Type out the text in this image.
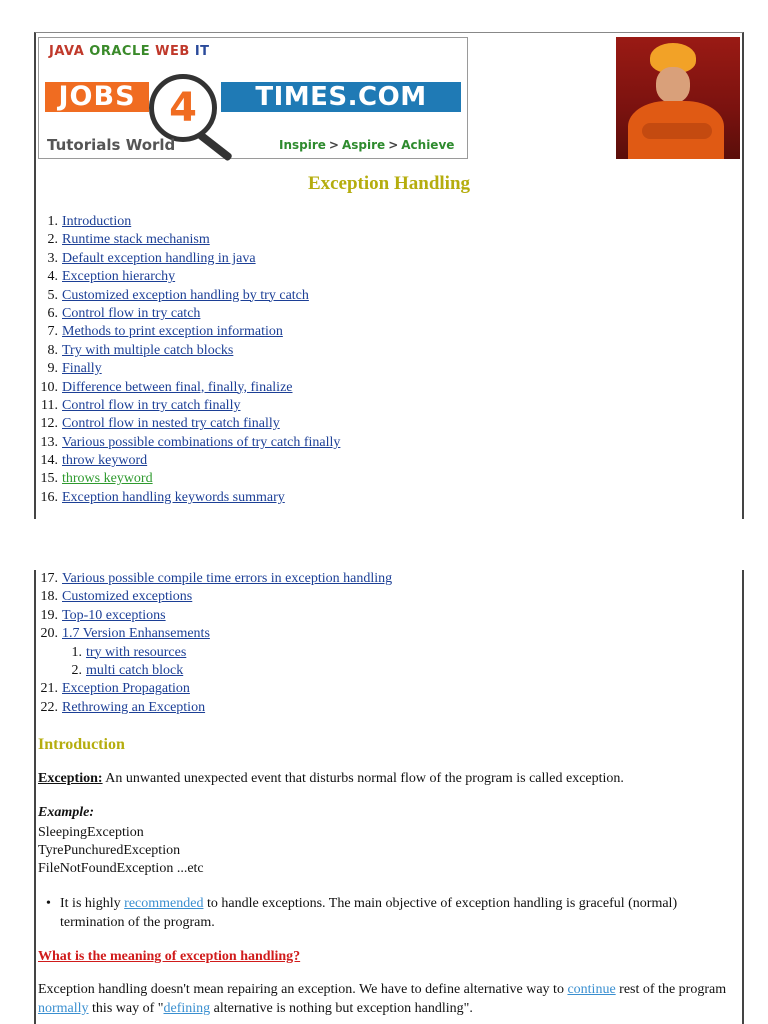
JAVA ORACLE WEB IT
JOBS 4	TIMES.COM
Tutorials World	Inspire > Aspire > Achieve
Exception Handling
1. Introduction
2. Runtime stack mechanism
3. Default exception handling in java
4. Exception hierarchy
5. Customized exception handling by try catch
6. Control flow in try catch
7. Methods to print exception information
8. Try with multiple catch blocks
9. Finally
10. Difference between final, finally, finalize
11. Control flow in try catch finally
12. Control flow in nested try catch finally
13. Various possible combinations of try catch finally
14. throw keyword
15. throws keyword
16. Exception handling keywords summary
17. Various possible compile time errors in exception handling
18. Customized exceptions
19. Top-10 exceptions
20. 1.7 Version Enhansements
1. try with resources
2. multi catch block
21. Exception Propagation
22. Rethrowing an Exception
Introduction
Exception: An unwanted unexpected event that disturbs normal flow of the program is called exception.
Example:
SleepingException
TyrePunchuredException
FileNotFoundException ...etc
• It is highly recommended to handle exceptions. The main objective of exception handling is graceful (normal) termination of the program.
What is the meaning of exception handling?
Exception handling doesn't mean repairing an exception. We have to define alternative way to continue rest of the program normally this way of "defining alternative is nothing but exception handling".
